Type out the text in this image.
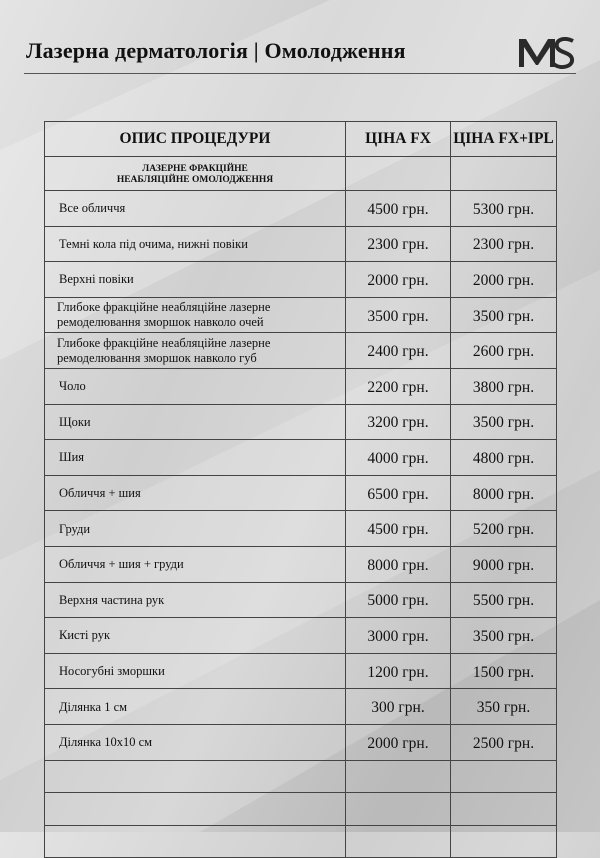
Лазерна дерматологія | Омолодження
ОПИС ПРОЦЕДУРИ	ЦІНА FX	ЦІНА FX+IPL

ЛАЗЕРНЕ ФРАКЦІЙНЕ
НЕАБЛЯЦІЙНЕ ОМОЛОДЖЕННЯ		

Все обличчя	4500 грн.	5300 грн.
Темні кола під очима, нижні повіки	2300 грн.	2300 грн.
Верхні повіки	2000 грн.	2000 грн.

Глибоке фракційне неабляційне лазерне
ремоделювання зморшок навколо очей	3500 грн.	3500 грн.

Глибоке фракційне неабляційне лазерне
ремоделювання зморшок навколо губ	2400 грн.	2600 грн.
Чоло	2200 грн.	3800 грн.
Щоки	3200 грн.	3500 грн.
Шия	4000 грн.	4800 грн.
Обличчя + шия	6500 грн.	8000 грн.
Груди	4500 грн.	5200 грн.
Обличчя + шия + груди	8000 грн.	9000 грн.
Верхня частина рук	5000 грн.	5500 грн.
Кисті рук	3000 грн.	3500 грн.
Носогубні зморшки	1200 грн.	1500 грн.
Ділянка 1 см	300 грн.	350 грн.
Ділянка 10х10 см	2000 грн.	2500 грн.
